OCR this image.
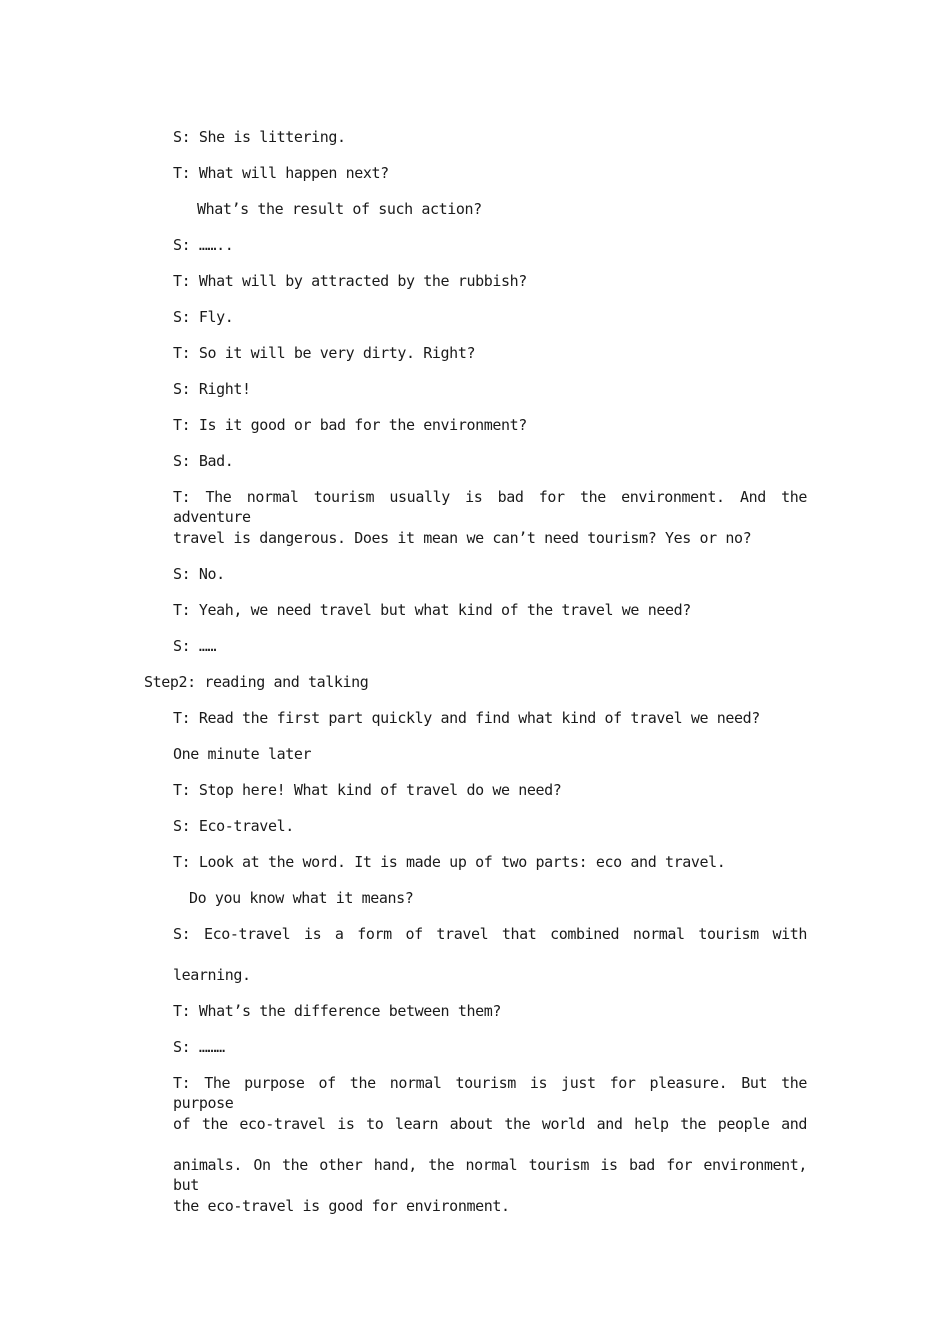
S: She is littering.

T: What will happen next?

What’s the result of such action?

S: ……..

T: What will by attracted by the rubbish?

S: Fly.

T: So it will be very dirty. Right?

S: Right!

T: Is it good or bad for the environment?

S: Bad.

T: The normal tourism usually is bad for the environment. And the adventure

travel is dangerous. Does it mean we can’t need tourism? Yes or no?

S: No.

T: Yeah, we need travel but what kind of the travel we need?

S: ……

Step2: reading and talking

T: Read the first part quickly and find what kind of travel we need?

One minute later

T: Stop here! What kind of travel do we need?

S: Eco-travel.

T: Look at the word. It is made up of two parts: eco and travel.

Do you know what it means?

S: Eco-travel is a form of travel that combined normal tourism with

learning.

T: What’s the difference between them?

S: ………

T: The purpose of the normal tourism is just for pleasure. But the purpose

of the eco-travel is to learn about the world and help the people and

animals. On the other hand, the normal tourism is bad for environment, but

the eco-travel is good for environment.
